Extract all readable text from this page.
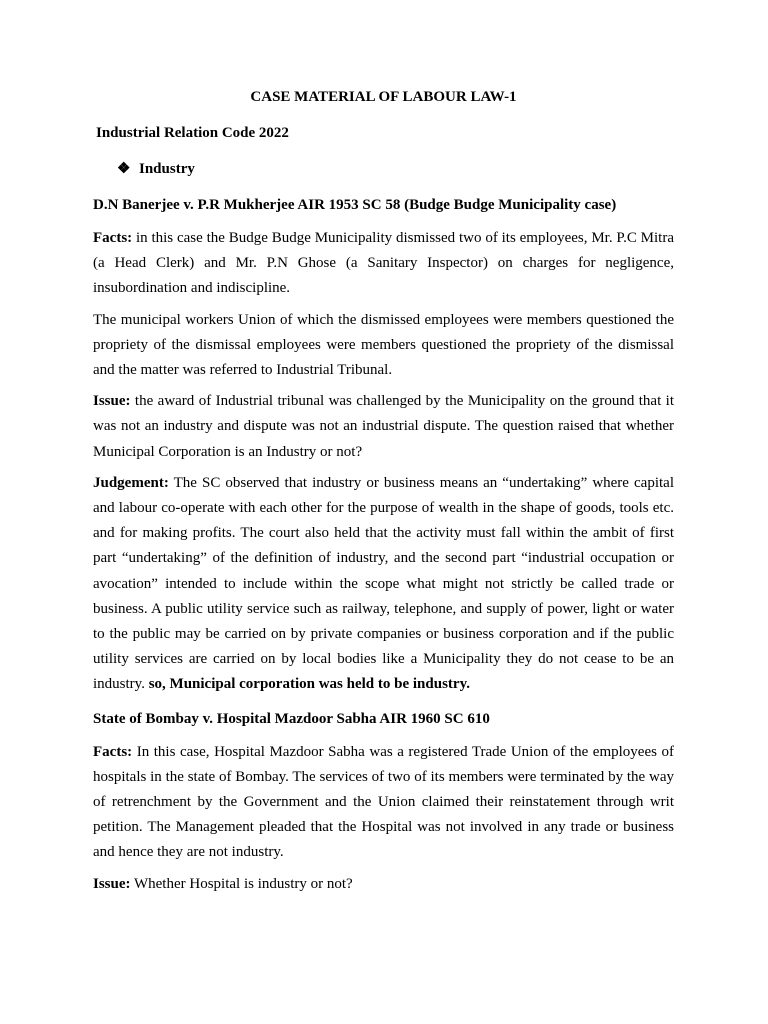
CASE MATERIAL OF LABOUR LAW-1

Industrial Relation Code 2022

❖ Industry

D.N Banerjee v. P.R Mukherjee AIR 1953 SC 58 (Budge Budge Municipality case)

Facts: in this case the Budge Budge Municipality dismissed two of its employees, Mr. P.C Mitra (a Head Clerk) and Mr. P.N Ghose (a Sanitary Inspector) on charges for negligence, insubordination and indiscipline.

The municipal workers Union of which the dismissed employees were members questioned the propriety of the dismissal employees were members questioned the propriety of the dismissal and the matter was referred to Industrial Tribunal.

Issue: the award of Industrial tribunal was challenged by the Municipality on the ground that it was not an industry and dispute was not an industrial dispute. The question raised that whether Municipal Corporation is an Industry or not?

Judgement: The SC observed that industry or business means an “undertaking” where capital and labour co-operate with each other for the purpose of wealth in the shape of goods, tools etc. and for making profits. The court also held that the activity must fall within the ambit of first part “undertaking” of the definition of industry, and the second part “industrial occupation or avocation” intended to include within the scope what might not strictly be called trade or business. A public utility service such as railway, telephone, and supply of power, light or water to the public may be carried on by private companies or business corporation and if the public utility services are carried on by local bodies like a Municipality they do not cease to be an industry. so, Municipal corporation was held to be industry.

State of Bombay v. Hospital Mazdoor Sabha AIR 1960 SC 610

Facts: In this case, Hospital Mazdoor Sabha was a registered Trade Union of the employees of hospitals in the state of Bombay. The services of two of its members were terminated by the way of retrenchment by the Government and the Union claimed their reinstatement through writ petition. The Management pleaded that the Hospital was not involved in any trade or business and hence they are not industry.

Issue: Whether Hospital is industry or not?
